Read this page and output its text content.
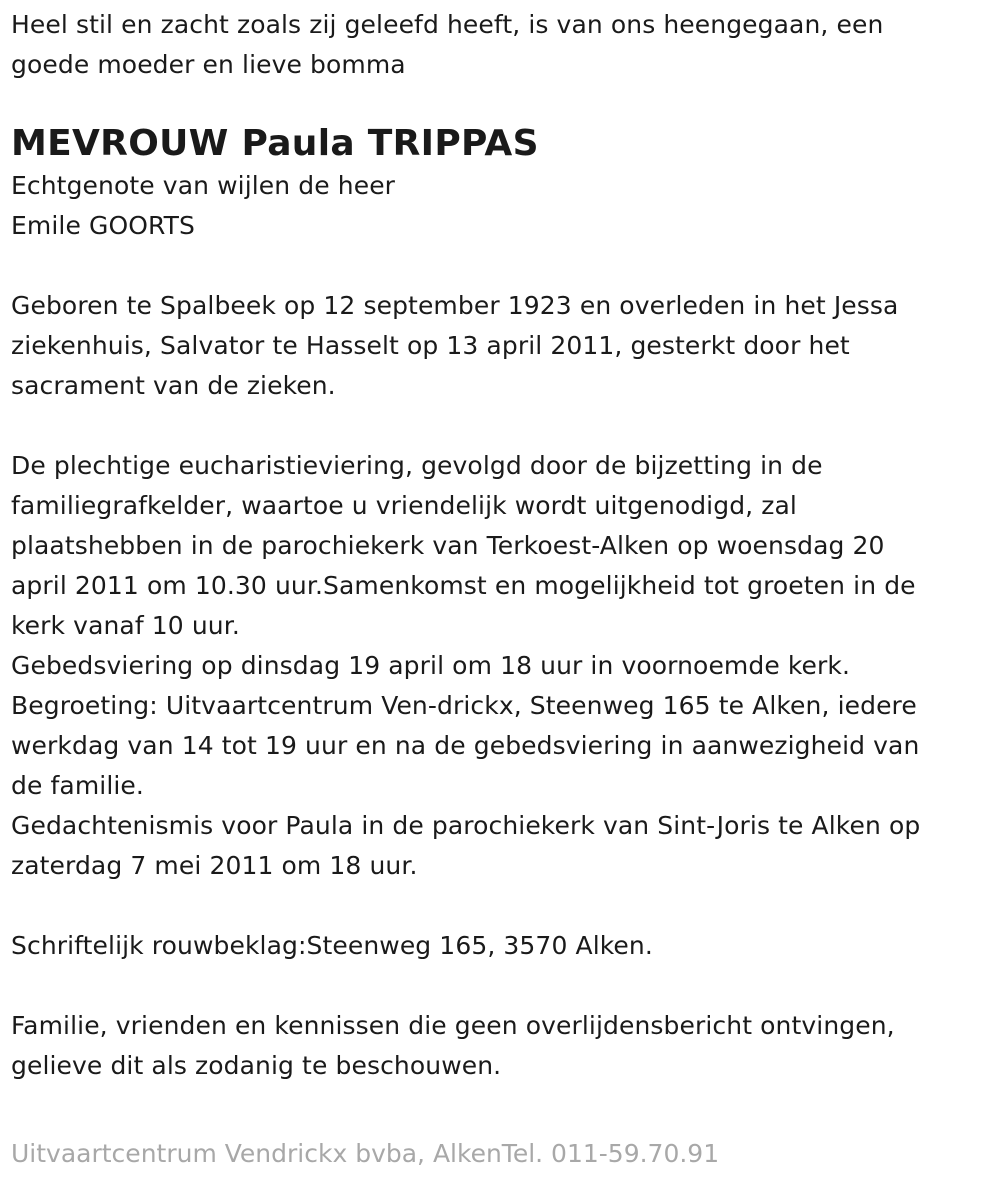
Heel stil en zacht zoals zij geleefd heeft, is van ons heengegaan, een

goede moeder en lieve bomma

MEVROUW Paula TRIPPAS

Echtgenote van wijlen de heer

Emile GOORTS

Geboren te Spalbeek op 12 september 1923 en overleden in het Jessa

ziekenhuis, Salvator te Hasselt op 13 april 2011, gesterkt door het

sacrament van de zieken.

De plechtige eucharistieviering, gevolgd door de bijzetting in de

familiegrafkelder, waartoe u vriendelijk wordt uitgenodigd, zal

plaatshebben in de parochiekerk van Terkoest-Alken op woensdag 20

april 2011 om 10.30 uur.Samenkomst en mogelijkheid tot groeten in de

kerk vanaf 10 uur.

Gebedsviering op dinsdag 19 april om 18 uur in voornoemde kerk.

Begroeting: Uitvaartcentrum Ven-drickx, Steenweg 165 te Alken, iedere

werkdag van 14 tot 19 uur en na de gebedsviering in aanwezigheid van

de familie.

Gedachtenismis voor Paula in de parochiekerk van Sint-Joris te Alken op

zaterdag 7 mei 2011 om 18 uur.

Schriftelijk rouwbeklag:Steenweg 165, 3570 Alken.

Familie, vrienden en kennissen die geen overlijdensbericht ontvingen,

gelieve dit als zodanig te beschouwen.

Uitvaartcentrum Vendrickx bvba, AlkenTel. 011-59.70.91
